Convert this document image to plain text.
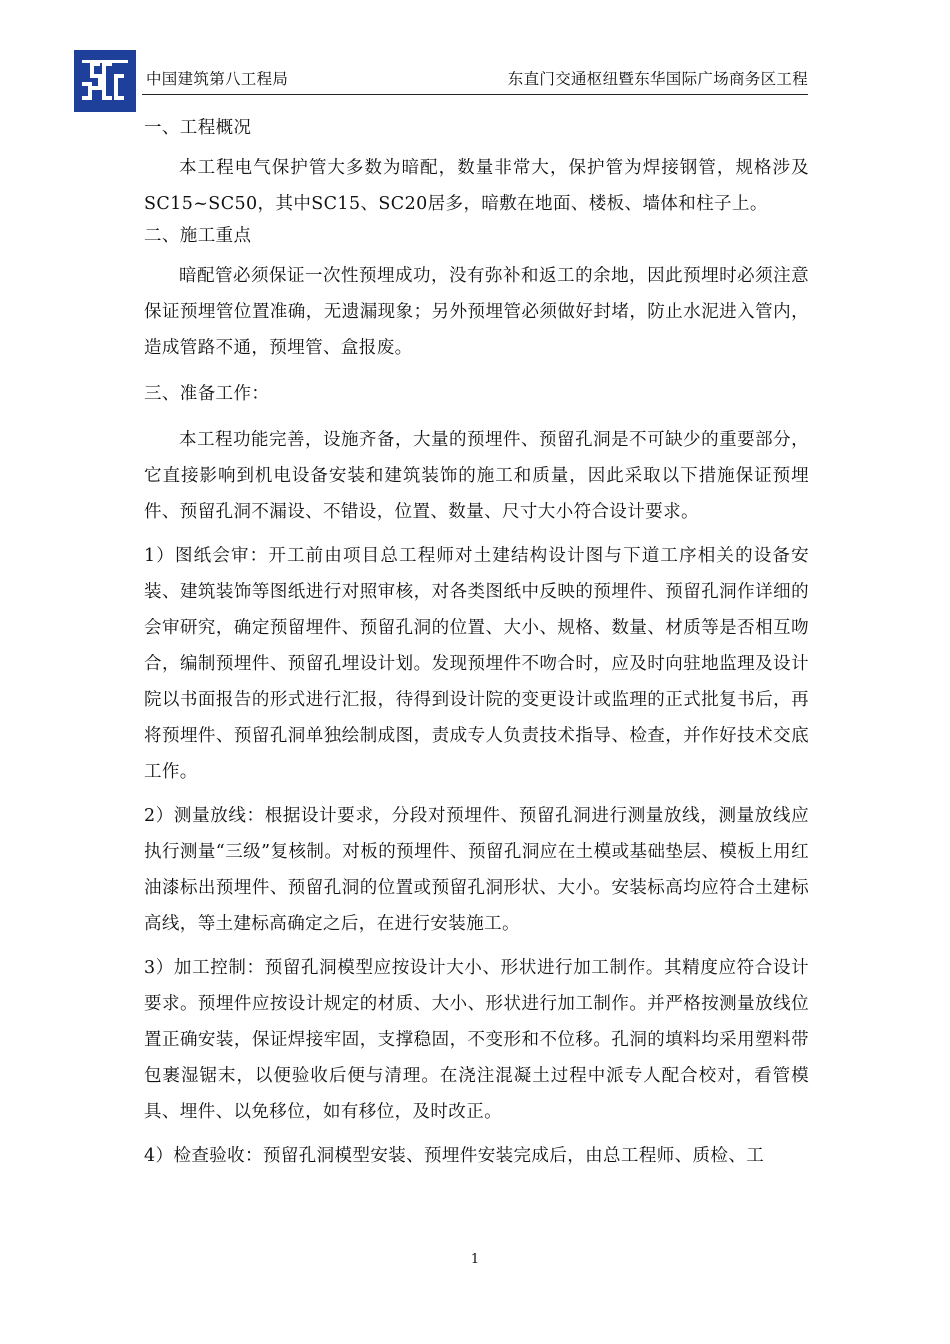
中国建筑第八工程局	东直门交通枢纽暨东华国际广场商务区工程

一、工程概况

本工程电气保护管大多数为暗配，数量非常大，保护管为焊接钢管，规格涉及SC15~SC50，其中SC15、SC20居多，暗敷在地面、楼板、墙体和柱子上。

二、施工重点

暗配管必须保证一次性预埋成功，没有弥补和返工的余地，因此预埋时必须注意保证预埋管位置准确，无遗漏现象；另外预埋管必须做好封堵，防止水泥进入管内，造成管路不通，预埋管、盒报废。

三、准备工作：

本工程功能完善，设施齐备，大量的预埋件、预留孔洞是不可缺少的重要部分，它直接影响到机电设备安装和建筑装饰的施工和质量，因此采取以下措施保证预埋件、预留孔洞不漏设、不错设，位置、数量、尺寸大小符合设计要求。

1）图纸会审：开工前由项目总工程师对土建结构设计图与下道工序相关的设备安装、建筑装饰等图纸进行对照审核，对各类图纸中反映的预埋件、预留孔洞作详细的会审研究，确定预留埋件、预留孔洞的位置、大小、规格、数量、材质等是否相互吻合，编制预埋件、预留孔埋设计划。发现预埋件不吻合时，应及时向驻地监理及设计院以书面报告的形式进行汇报，待得到设计院的变更设计或监理的正式批复书后，再将预埋件、预留孔洞单独绘制成图，责成专人负责技术指导、检查，并作好技术交底工作。

2）测量放线：根据设计要求，分段对预埋件、预留孔洞进行测量放线，测量放线应执行测量“三级”复核制。对板的预埋件、预留孔洞应在土模或基础垫层、模板上用红油漆标出预埋件、预留孔洞的位置或预留孔洞形状、大小。安装标高均应符合土建标高线，等土建标高确定之后，在进行安装施工。

3）加工控制：预留孔洞模型应按设计大小、形状进行加工制作。其精度应符合设计要求。预埋件应按设计规定的材质、大小、形状进行加工制作。并严格按测量放线位置正确安装，保证焊接牢固，支撑稳固，不变形和不位移。孔洞的填料均采用塑料带包裹湿锯末，以便验收后便与清理。在浇注混凝土过程中派专人配合校对，看管模具、埋件、以免移位，如有移位，及时改正。

4）检查验收：预留孔洞模型安装、预埋件安装完成后，由总工程师、质检、工

1
